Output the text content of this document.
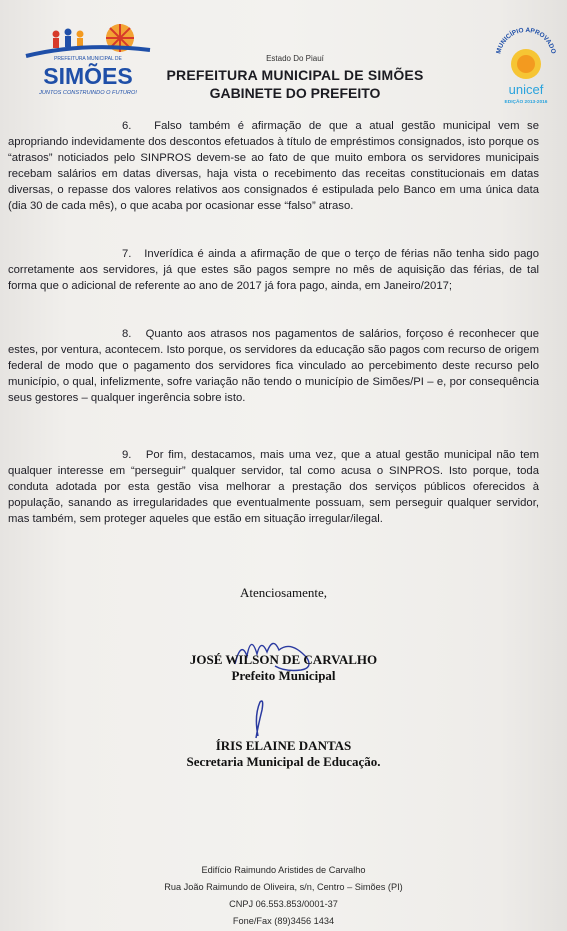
PREFEITURA MUNICIPAL DE
SIMÕES
JUNTOS CONSTRUINDO O FUTURO!
Estado Do Piauí
PREFEITURA MUNICIPAL DE SIMÕES
GABINETE DO PREFEITO
MUNICÍPIO APROVADO
unicef
EDIÇÃO 2013-2016
6. Falso também é afirmação de que a atual gestão municipal vem se apropriando indevidamente dos descontos efetuados à título de empréstimos consignados, isto porque os “atrasos” noticiados pelo SINPROS devem-se ao fato de que muito embora os servidores municipais recebam salários em datas diversas, haja vista o recebimento das receitas constitucionais em datas diversas, o repasse dos valores relativos aos consignados é estipulada pelo Banco em uma única data (dia 30 de cada mês), o que acaba por ocasionar esse “falso” atraso.
7. Inverídica é ainda a afirmação de que o terço de férias não tenha sido pago corretamente aos servidores, já que estes são pagos sempre no mês de aquisição das férias, de tal forma que o adicional de referente ao ano de 2017 já fora pago, ainda, em Janeiro/2017;
8. Quanto aos atrasos nos pagamentos de salários, forçoso é reconhecer que estes, por ventura, acontecem. Isto porque, os servidores da educação são pagos com recurso de origem federal de modo que o pagamento dos servidores fica vinculado ao percebimento deste recurso pelo município, o qual, infelizmente, sofre variação não tendo o município de Simões/PI – e, por consequência seus gestores – qualquer ingerência sobre isto.
9. Por fim, destacamos, mais uma vez, que a atual gestão municipal não tem qualquer interesse em “perseguir” qualquer servidor, tal como acusa o SINPROS. Isto porque, toda conduta adotada por esta gestão visa melhorar a prestação dos serviços públicos oferecidos à população, sanando as irregularidades que eventualmente possuam, sem perseguir qualquer servidor, mas também, sem proteger aqueles que estão em situação irregular/ilegal.
Atenciosamente,
JOSÉ WILSON DE CARVALHO
Prefeito Municipal
ÍRIS ELAINE DANTAS
Secretaria Municipal de Educação.
Edifício Raimundo Aristides de Carvalho
Rua João Raimundo de Oliveira, s/n, Centro – Simões (PI)
CNPJ 06.553.853/0001-37
Fone/Fax (89)3456 1434
